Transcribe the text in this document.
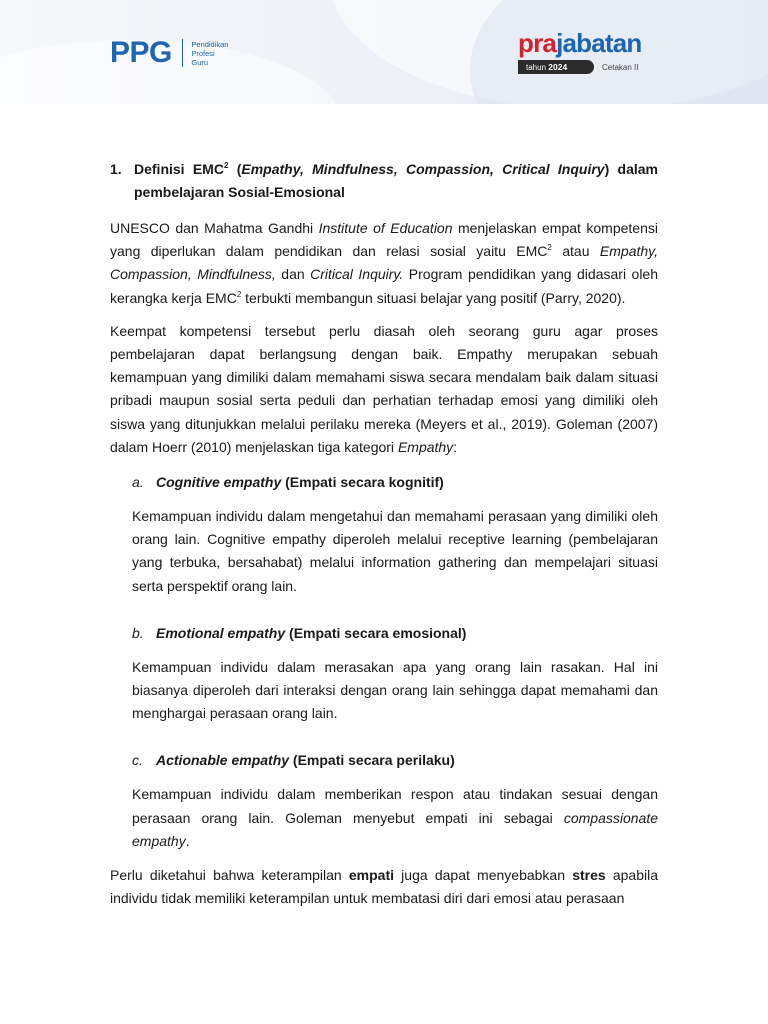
PPG	Pendidikan
Profesi
Guru
prajabatan
tahun 2024	Cetakan II
1. Definisi EMC$^2$ (Empathy, Mindfulness, Compassion, Critical Inquiry) dalam pembelajaran Sosial-Emosional

UNESCO dan Mahatma Gandhi Institute of Education menjelaskan empat kompetensi yang diperlukan dalam pendidikan dan relasi sosial yaitu EMC$^2$ atau Empathy, Compassion, Mindfulness, dan Critical Inquiry. Program pendidikan yang didasari oleh kerangka kerja EMC$^2$ terbukti membangun situasi belajar yang positif (Parry, 2020).

Keempat kompetensi tersebut perlu diasah oleh seorang guru agar proses pembelajaran dapat berlangsung dengan baik. Empathy merupakan sebuah kemampuan yang dimiliki dalam memahami siswa secara mendalam baik dalam situasi pribadi maupun sosial serta peduli dan perhatian terhadap emosi yang dimiliki oleh siswa yang ditunjukkan melalui perilaku mereka (Meyers et al., 2019). Goleman (2007) dalam Hoerr (2010) menjelaskan tiga kategori Empathy:

a. Cognitive empathy (Empati secara kognitif)

Kemampuan individu dalam mengetahui dan memahami perasaan yang dimiliki oleh orang lain. Cognitive empathy diperoleh melalui receptive learning (pembelajaran yang terbuka, bersahabat) melalui information gathering dan mempelajari situasi serta perspektif orang lain.

b. Emotional empathy (Empati secara emosional)

Kemampuan individu dalam merasakan apa yang orang lain rasakan. Hal ini biasanya diperoleh dari interaksi dengan orang lain sehingga dapat memahami dan menghargai perasaan orang lain.

c. Actionable empathy (Empati secara perilaku)

Kemampuan individu dalam memberikan respon atau tindakan sesuai dengan perasaan orang lain. Goleman menyebut empati ini sebagai compassionate empathy.

Perlu diketahui bahwa keterampilan empati juga dapat menyebabkan stres apabila individu tidak memiliki keterampilan untuk membatasi diri dari emosi atau perasaan
